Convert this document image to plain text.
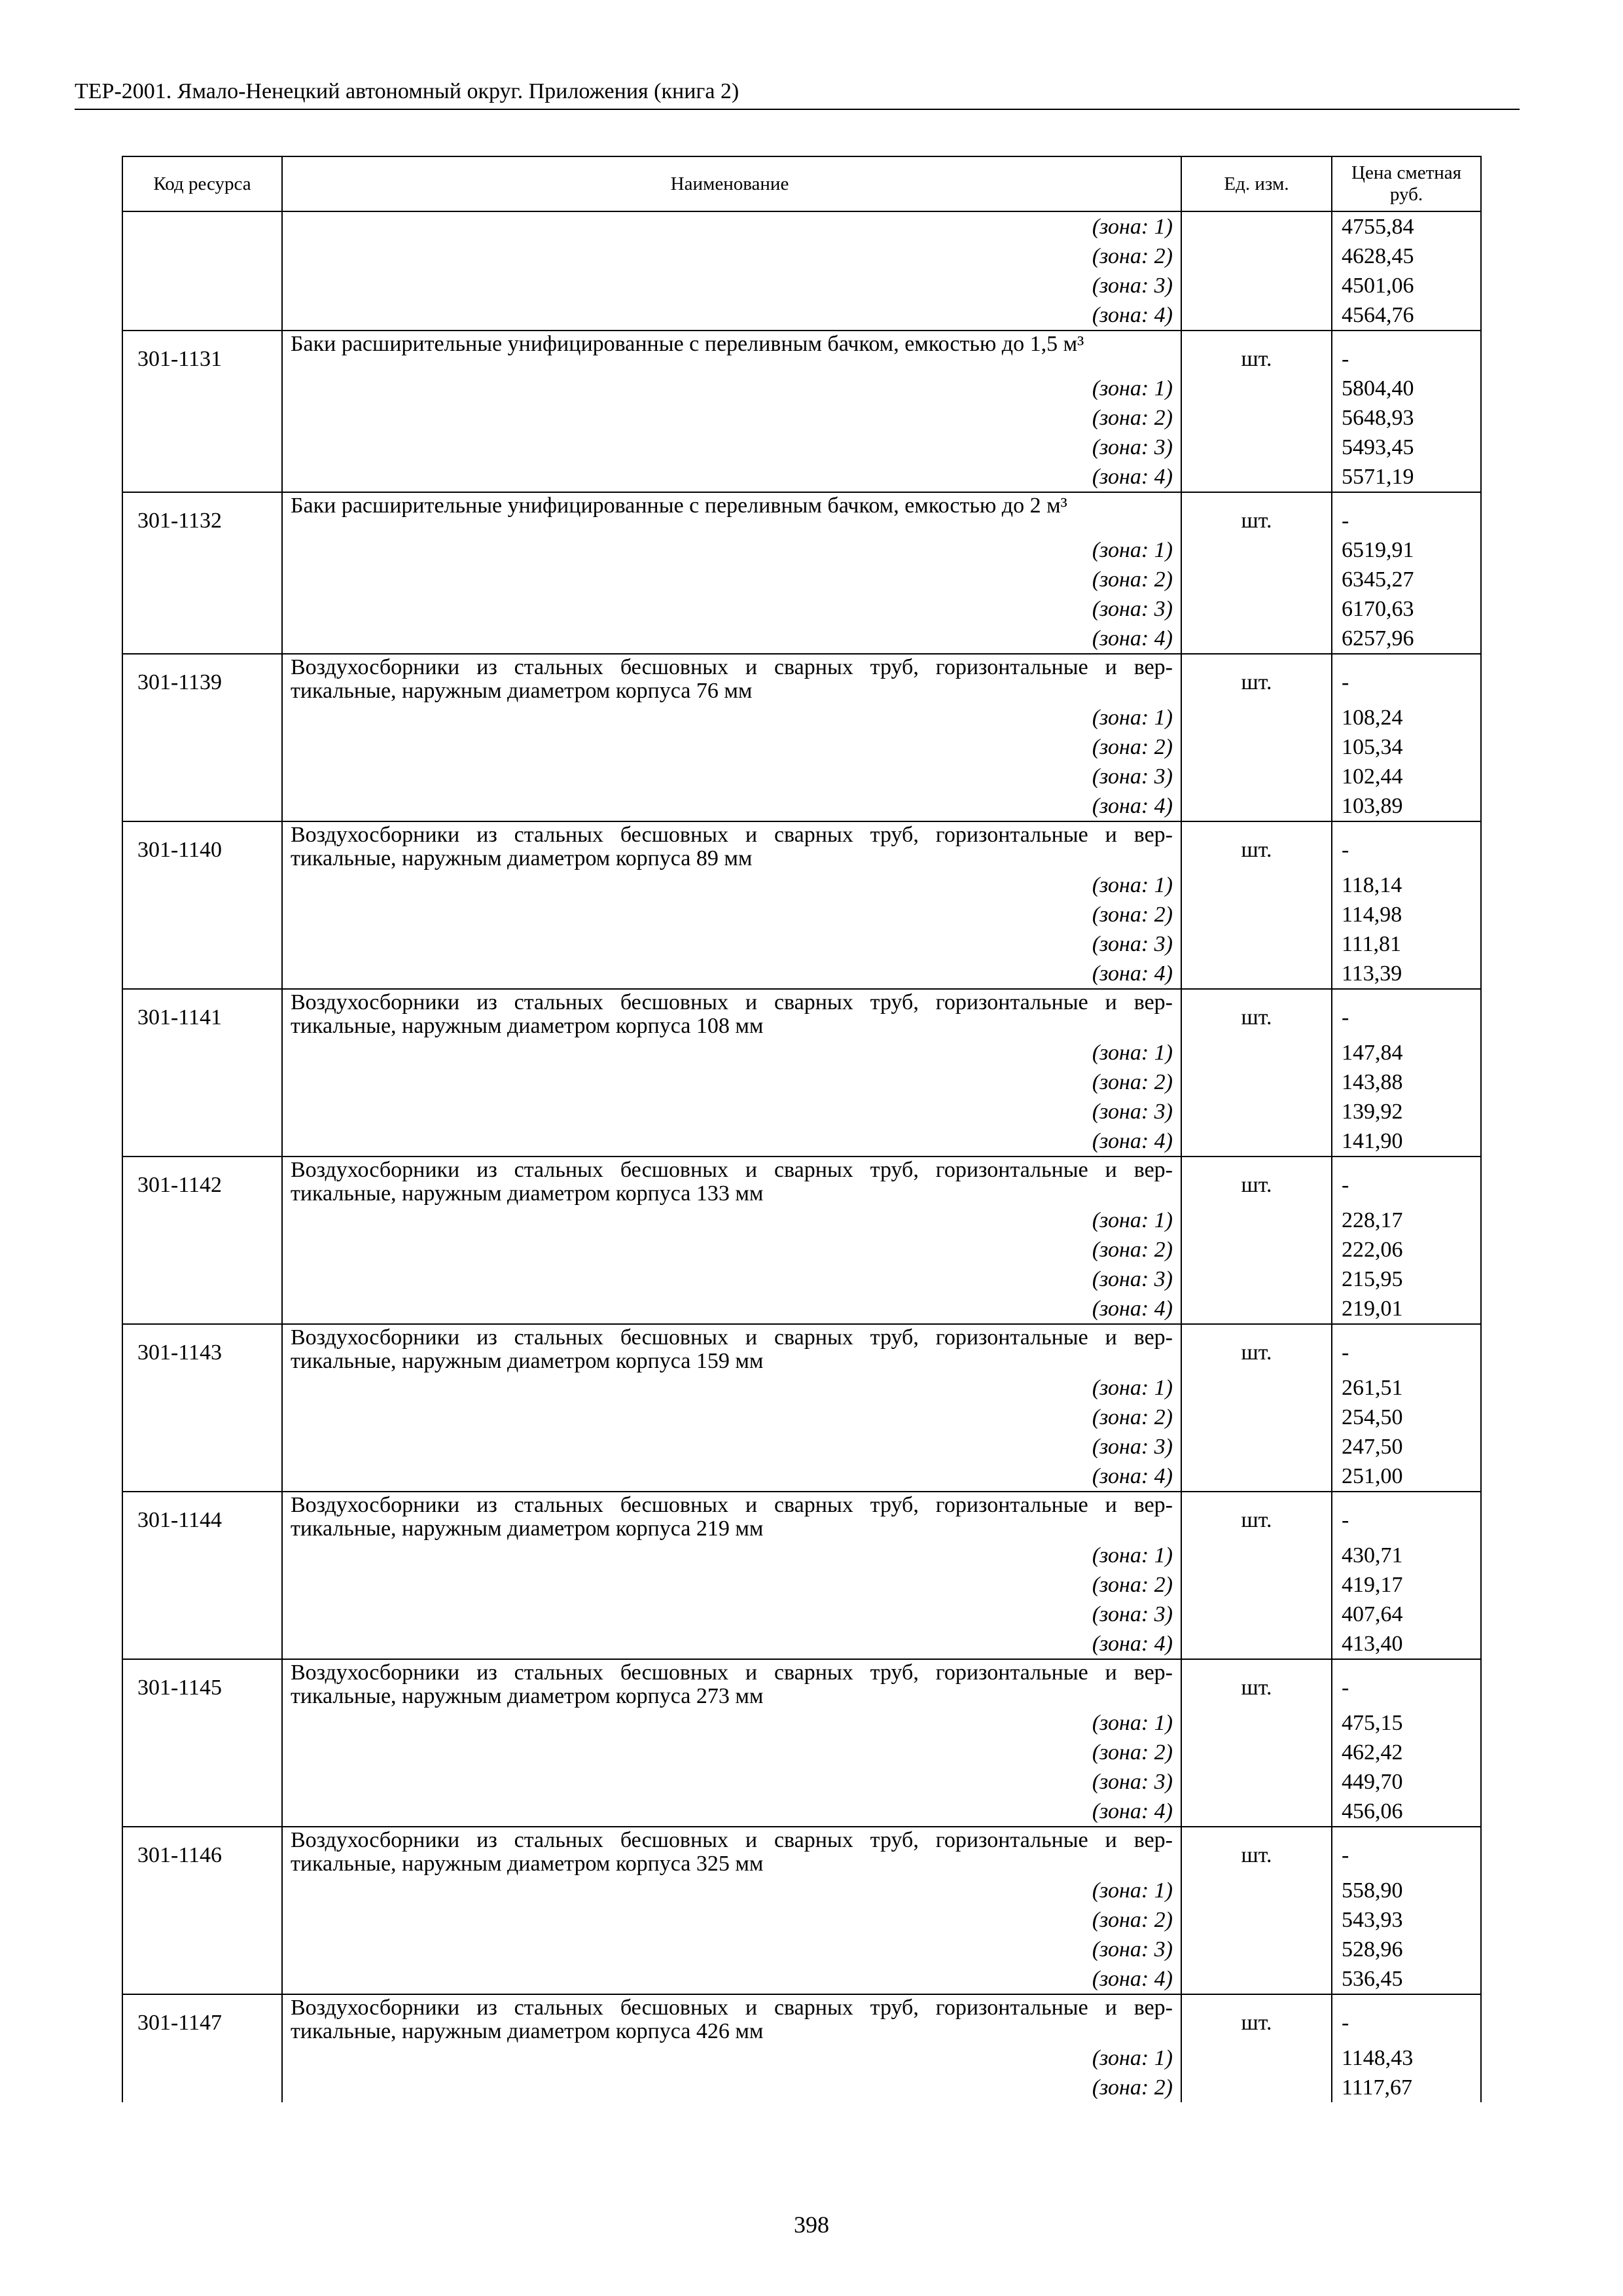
ТЕР-2001. Ямало-Ненецкий автономный округ. Приложения (книга 2)
Код ресурса	Наименование	Ед. изм.	Цена сметная руб.
	(зона: 1)		4755,84
	(зона: 2)		4628,45
	(зона: 3)		4501,06
	(зона: 4)		4564,76
301-1131	Баки расширительные унифицированные с переливным бачком, емкостью до 1,5 м³	шт.	-
	(зона: 1)		5804,40
	(зона: 2)		5648,93
	(зона: 3)		5493,45
	(зона: 4)		5571,19
301-1132	Баки расширительные унифицированные с переливным бачком, емкостью до 2 м³	шт.	-
	(зона: 1)		6519,91
	(зона: 2)		6345,27
	(зона: 3)		6170,63
	(зона: 4)		6257,96
301-1139	Воздухосборники из стальных бесшовных и сварных труб, горизонтальные и вер-тикальные, наружным диаметром корпуса 76 мм	шт.	-
	(зона: 1)		108,24
	(зона: 2)		105,34
	(зона: 3)		102,44
	(зона: 4)		103,89
301-1140	Воздухосборники из стальных бесшовных и сварных труб, горизонтальные и вер-тикальные, наружным диаметром корпуса 89 мм	шт.	-
	(зона: 1)		118,14
	(зона: 2)		114,98
	(зона: 3)		111,81
	(зона: 4)		113,39
301-1141	Воздухосборники из стальных бесшовных и сварных труб, горизонтальные и вер-тикальные, наружным диаметром корпуса 108 мм	шт.	-
	(зона: 1)		147,84
	(зона: 2)		143,88
	(зона: 3)		139,92
	(зона: 4)		141,90
301-1142	Воздухосборники из стальных бесшовных и сварных труб, горизонтальные и вер-тикальные, наружным диаметром корпуса 133 мм	шт.	-
	(зона: 1)		228,17
	(зона: 2)		222,06
	(зона: 3)		215,95
	(зона: 4)		219,01
301-1143	Воздухосборники из стальных бесшовных и сварных труб, горизонтальные и вер-тикальные, наружным диаметром корпуса 159 мм	шт.	-
	(зона: 1)		261,51
	(зона: 2)		254,50
	(зона: 3)		247,50
	(зона: 4)		251,00
301-1144	Воздухосборники из стальных бесшовных и сварных труб, горизонтальные и вер-тикальные, наружным диаметром корпуса 219 мм	шт.	-
	(зона: 1)		430,71
	(зона: 2)		419,17
	(зона: 3)		407,64
	(зона: 4)		413,40
301-1145	Воздухосборники из стальных бесшовных и сварных труб, горизонтальные и вер-тикальные, наружным диаметром корпуса 273 мм	шт.	-
	(зона: 1)		475,15
	(зона: 2)		462,42
	(зона: 3)		449,70
	(зона: 4)		456,06
301-1146	Воздухосборники из стальных бесшовных и сварных труб, горизонтальные и вер-тикальные, наружным диаметром корпуса 325 мм	шт.	-
	(зона: 1)		558,90
	(зона: 2)		543,93
	(зона: 3)		528,96
	(зона: 4)		536,45
301-1147	Воздухосборники из стальных бесшовных и сварных труб, горизонтальные и вер-тикальные, наружным диаметром корпуса 426 мм	шт.	-
	(зона: 1)		1148,43
	(зона: 2)		1117,67
398
